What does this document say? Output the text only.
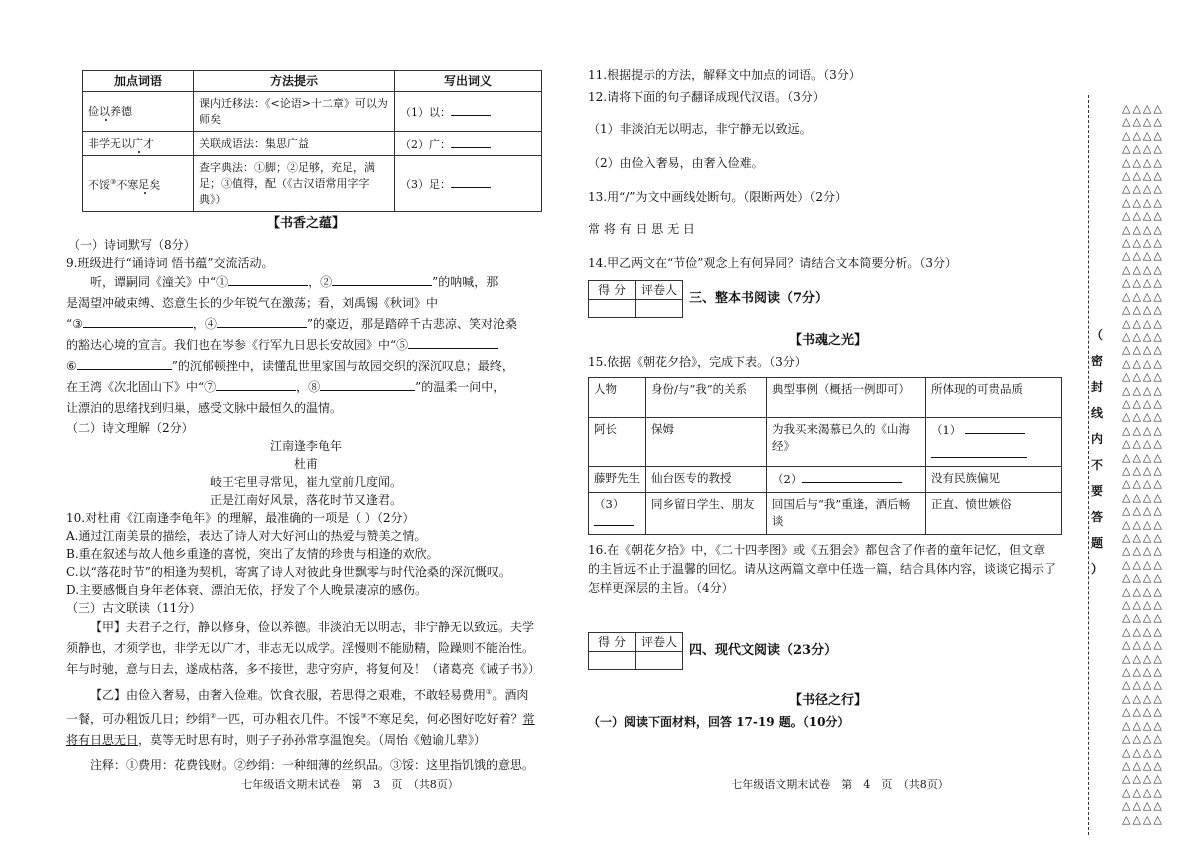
加点词语	方法提示	写出词义
俭以养德	课内迁移法：《<论语>十二章》可以为师矣	（1）以：
非学无以广才	关联成语法：集思广益	（2）广：
不馁③不寒足矣	查字典法：①脚；②足够，充足，满足；③值得，配（《古汉语常用字字典》）	（3）足：
【书香之蕴】

（一）诗词默写（8分）

9.班级进行“诵诗词 悟书蕴”交流活动。

听，谭嗣同《潼关》中“①	，②	”的呐喊，那

是渴望冲破束缚、恣意生长的少年锐气在激荡；看，刘禹锡《秋词》中

“③	，④	”的豪迈，那是踏碎千古悲凉、笑对沧桑

的豁达心境的宣言。我们也在岑参《行军九日思长安故园》中“⑤

⑥	”的沉郁顿挫中，读懂乱世里家国与故园交织的深沉叹息；最终，

在王湾《次北固山下》中“⑦	，⑧	”的温柔一问中，

让漂泊的思绪找到归巢，感受文脉中最恒久的温情。

（二）诗文理解（2分）

江南逢李龟年

杜甫

岐王宅里寻常见，崔九堂前几度闻。

正是江南好风景，落花时节又逢君。

10.对杜甫《江南逢李龟年》的理解，最准确的一项是（ ）（2分）

A.通过江南美景的描绘，表达了诗人对大好河山的热爱与赞美之情。

B.重在叙述与故人他乡重逢的喜悦，突出了友情的珍贵与相逢的欢欣。

C.以“落花时节”的相逢为契机，寄寓了诗人对彼此身世飘零与时代沧桑的深沉慨叹。

D.主要感慨自身年老体衰、漂泊无依，抒发了个人晚景凄凉的感伤。

（三）古文联读（11分）

【甲】夫君子之行，静以修身，俭以养德。非淡泊无以明志，非宁静无以致远。夫学

须静也，才须学也，非学无以广才，非志无以成学。淫慢则不能励精，险躁则不能治性。

年与时驰，意与日去，遂成枯落，多不接世，悲守穷庐，将复何及！（诸葛亮《诫子书》）

【乙】由俭入奢易，由奢入俭难。饮食衣服，若思得之艰难，不敢轻易费用①。酒肉

一餐，可办粗饭几日；纱绢②一匹，可办粗衣几件。不馁③不寒足矣，何必图好吃好着？常

将有日思无日，莫等无时思有时，则子子孙孙常享温饱矣。（周怡《勉谕儿辈》）

注释：①费用：花费钱财。②纱绢：一种细薄的丝织品。③馁：这里指饥饿的意思。

七年级语文期末试卷　第　3　页　（共8页）

11.根据提示的方法，解释文中加点的词语。（3分）

12.请将下面的句子翻译成现代汉语。（3分）

（1）非淡泊无以明志，非宁静无以致远。

（2）由俭入奢易，由奢入俭难。

13.用“/”为文中画线处断句。（限断两处）（2分）

常 将 有 日 思 无 日

14.甲乙两文在“节俭”观念上有何异同？请结合文本简要分析。（3分）

得 分	评卷人

三、整本书阅读（7分）
【书魂之光】

15.依据《朝花夕拾》，完成下表。（3分）

人物	身份/与“我”的关系	典型事例（概括一例即可）	所体现的可贵品质
阿长	保姆	为我买来渴慕已久的《山海经》	（1）

藤野先生	仙台医专的教授	（2）	没有民族偏见
（3）	同乡留日学生、朋友	回国后与“我”重逢，酒后畅谈	正直、愤世嫉俗

16.在《朝花夕拾》中，《二十四孝图》或《五猖会》都包含了作者的童年记忆，但文章

的主旨远不止于温馨的回忆。请从这两篇文章中任选一篇，结合具体内容，谈谈它揭示了

怎样更深层的主旨。（4分）

得 分	评卷人

四、现代文阅读（23分）
【书径之行】

（一）阅读下面材料，回答 17-19 题。（10分）

七年级语文期末试卷　第　4　页　（共8页）
（
密
封
线
内
不
要
答
题
）
△△△△
△△△△
△△△△
△△△△
△△△△
△△△△
△△△△
△△△△
△△△△
△△△△
△△△△
△△△△
△△△△
△△△△
△△△△
△△△△
△△△△
△△△△
△△△△
△△△△
△△△△
△△△△
△△△△
△△△△
△△△△
△△△△
△△△△
△△△△
△△△△
△△△△
△△△△
△△△△
△△△△
△△△△
△△△△
△△△△
△△△△
△△△△
△△△△
△△△△
△△△△
△△△△
△△△△
△△△△
△△△△
△△△△
△△△△
△△△△
△△△△
△△△△
△△△△
△△△△
△△△△
△△△△
